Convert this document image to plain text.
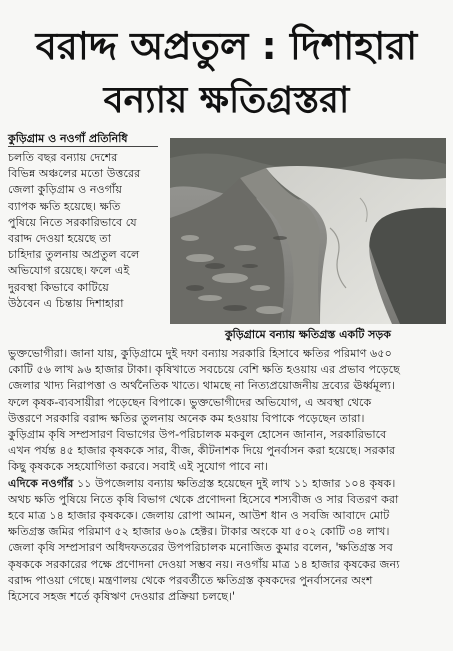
বরাদ্দ অপ্রতুল : দিশাহারা
বন্যায় ক্ষতিগ্রস্তরা
কুড়িগ্রাম ও নওগাঁ প্রতিনিধি
চলতি বছর বন্যায় দেশের
বিভিন্ন অঞ্চলের মতো উত্তরের
জেলা কুড়িগ্রাম ও নওগাঁয়
ব্যাপক ক্ষতি হয়েছে। ক্ষতি
পুষিয়ে নিতে সরকারিভাবে যে
বরাদ্দ দেওয়া হয়েছে তা
চাহিদার তুলনায় অপ্রতুল বলে
অভিযোগ রয়েছে। ফলে এই
দুরবস্থা কিভাবে কাটিয়ে
উঠবেন এ চিন্তায় দিশাহারা
কুড়িগ্রামে বন্যায় ক্ষতিগ্রস্ত একটি সড়ক
ভুক্তভোগীরা। জানা যায়, কুড়িগ্রামে দুই দফা বন্যায় সরকারি হিসাবে ক্ষতির পরিমাণ ৬৫০
কোটি ৫৬ লাখ ৯৬ হাজার টাকা। কৃষিখাতে সবচেয়ে বেশি ক্ষতি হওয়ায় এর প্রভাব পড়েছে
জেলার খাদ্য নিরাপত্তা ও অর্থনৈতিক খাতে। থামছে না নিত্যপ্রয়োজনীয় দ্রব্যের ঊর্ধ্বমূল্য।
ফলে কৃষক-ব্যবসায়ীরা পড়েছেন বিপাকে। ভুক্তভোগীদের অভিযোগ, এ অবস্থা থেকে
উত্তরণে সরকারি বরাদ্দ ক্ষতির তুলনায় অনেক কম হওয়ায় বিপাকে পড়েছেন তারা।
কুড়িগ্রাম কৃষি সম্প্রসারণ বিভাগের উপ-পরিচালক মকবুল হোসেন জানান, সরকারিভাবে
এখন পর্যন্ত ৪৫ হাজার কৃষককে সার, বীজ, কীটনাশক দিয়ে পুনর্বাসন করা হয়েছে। সরকার
কিছু কৃষককে সহযোগিতা করবে। সবাই এই সুযোগ পাবে না।
এদিকে নওগাঁর ১১ উপজেলায় বন্যায় ক্ষতিগ্রস্ত হয়েছেন দুই লাখ ১১ হাজার ১০৪ কৃষক।
অথচ ক্ষতি পুষিয়ে নিতে কৃষি বিভাগ থেকে প্রণোদনা হিসেবে শস্যবীজ ও সার বিতরণ করা
হবে মাত্র ১৪ হাজার কৃষককে। জেলায় রোপা আমন, আউশ ধান ও সবজি আবাদে মোট
ক্ষতিগ্রস্ত জমির পরিমাণ ৫২ হাজার ৬০৯ হেক্টর। টাকার অংকে যা ৫০২ কোটি ৩৪ লাখ।
জেলা কৃষি সম্প্রসারণ অধিদফতরের উপপরিচালক মনোজিত কুমার বলেন, 'ক্ষতিগ্রস্ত সব
কৃষককে সরকারের পক্ষে প্রণোদনা দেওয়া সম্ভব নয়। নওগাঁয় মাত্র ১৪ হাজার কৃষকের জন্য
বরাদ্দ পাওয়া গেছে। মন্ত্রণালয় থেকে পরবর্তীতে ক্ষতিগ্রস্ত কৃষকদের পুনর্বাসনের অংশ
হিসেবে সহজ শর্তে কৃষিঋণ দেওয়ার প্রক্রিয়া চলছে।'
